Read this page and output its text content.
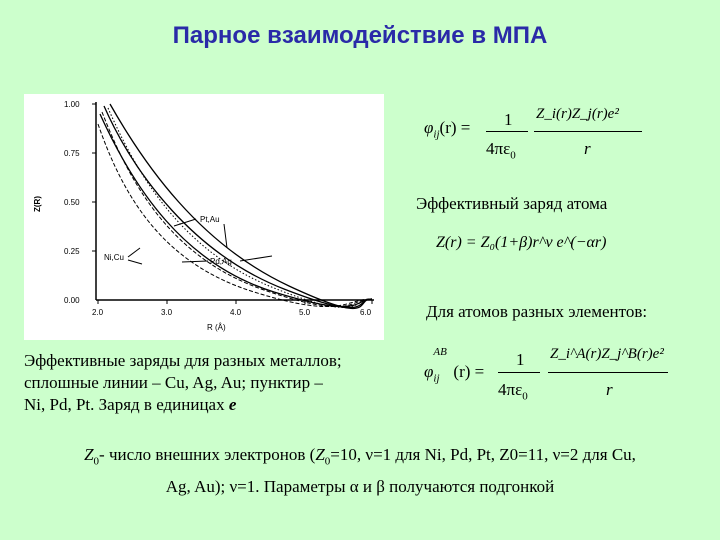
Парное взаимодействие в МПА
1.00
0.75
0.50
0.25
0.00
2.0	3.0	4.0	5.0	6.0
R (Å)
Z(R)
Pt,Au
Pd,Ag
Ni,Cu
$\varphi_{ij}(r) = 1$
$4\pi\varepsilon_0$
Z_i(r)Z_j(r)e²
r
Эффективный заряд атома
Z(r) = Z₀(1+β)r^ν e^(−αr)
Для атомов разных элементов:
φ
AB
$_{ij}$ (r) =
1
$4\pi\varepsilon_0$
Z_i^A(r)Z_j^B(r)e²
r
Эффективные заряды для разных металлов;
сплошные линии – Cu, Ag, Au; пунктир –
Ni, Pd, Pt. Заряд в единицах e
$Z_0-$ число внешних электронов ($Z_0=10$, ν=1 для Ni, Pd, Pt, Z0=11, ν=2 для Cu,
Ag, Au); ν=1. Параметры α и β получаются подгонкой
